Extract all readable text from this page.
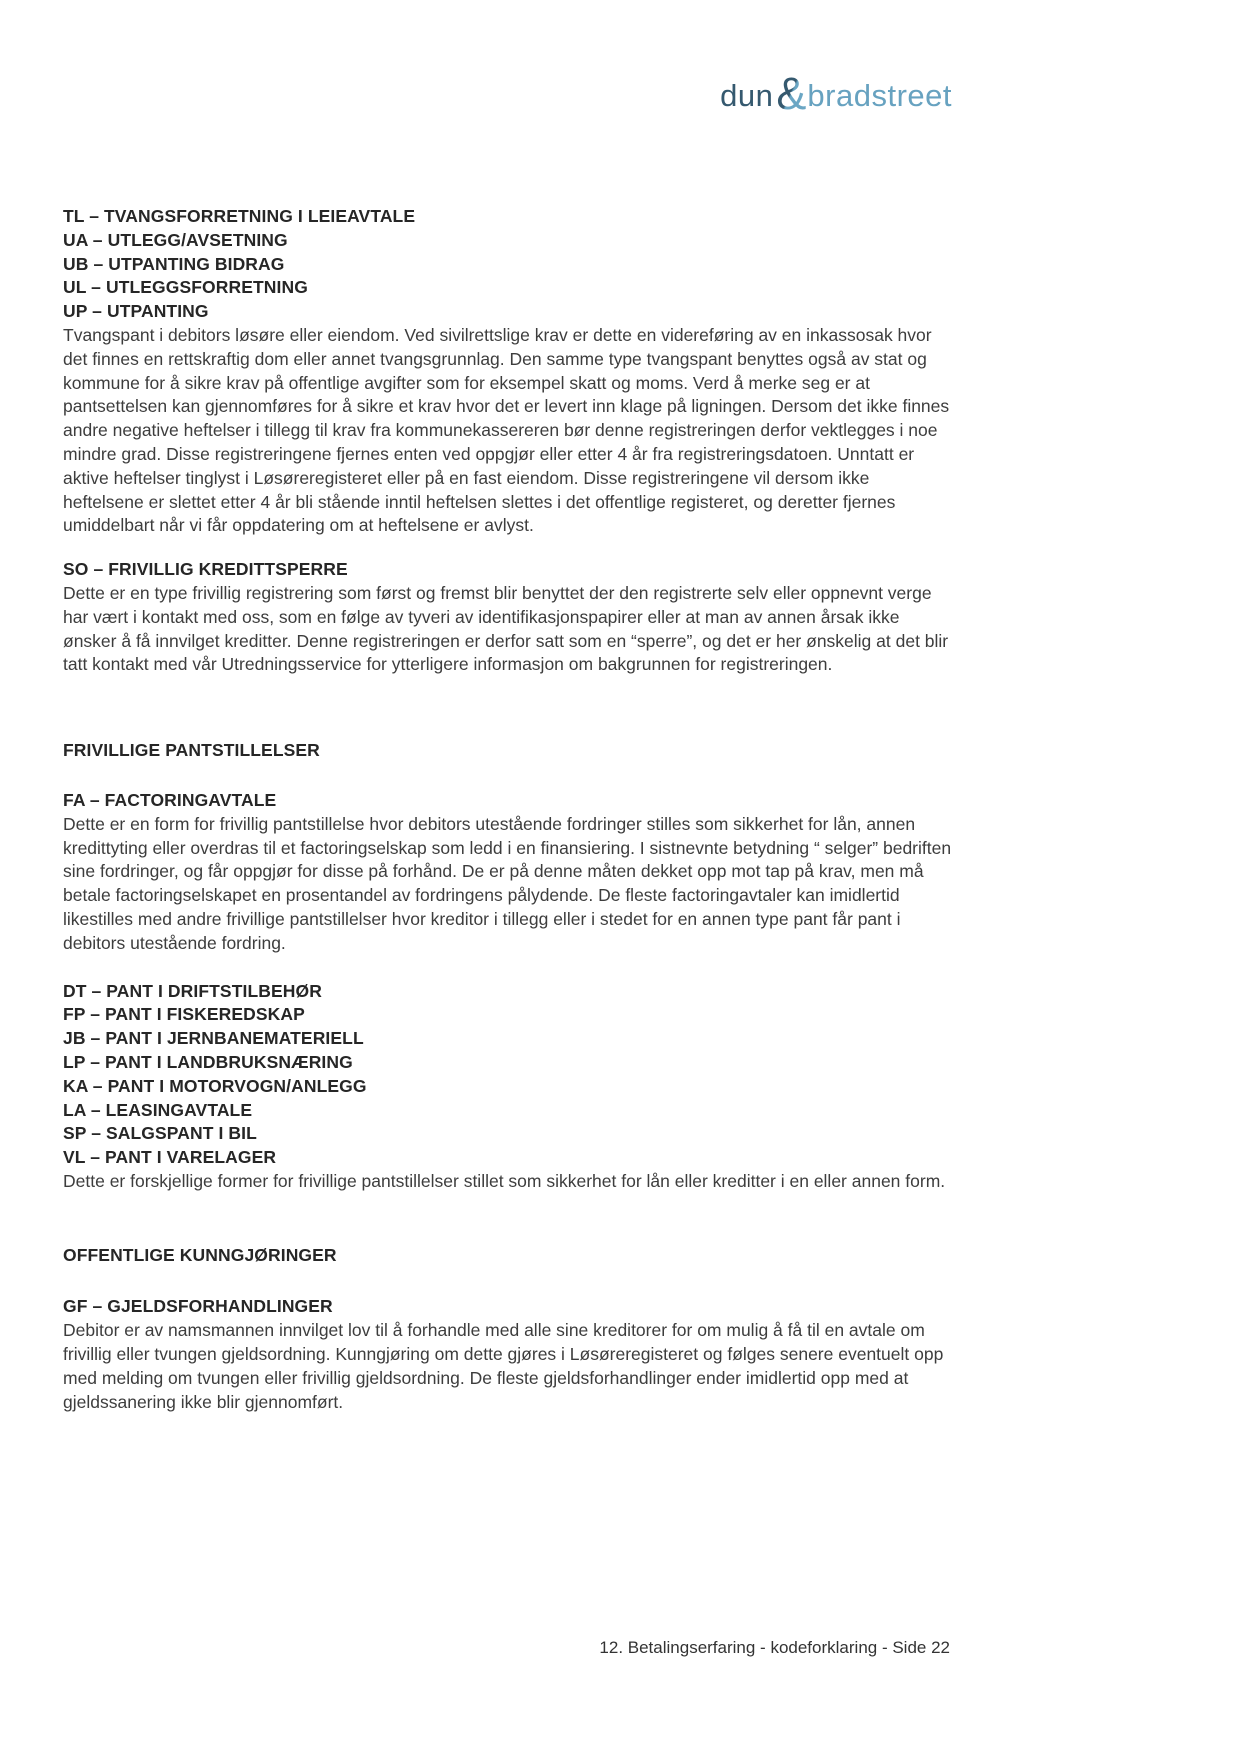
dun & bradstreet
TL – TVANGSFORRETNING I LEIEAVTALE
UA – UTLEGG/AVSETNING
UB – UTPANTING BIDRAG
UL – UTLEGGSFORRETNING
UP – UTPANTING
Tvangspant i debitors løsøre eller eiendom. Ved sivilrettslige krav er dette en videreføring av en inkassosak hvor det finnes en rettskraftig dom eller annet tvangsgrunnlag. Den samme type tvangspant benyttes også av stat og kommune for å sikre krav på offentlige avgifter som for eksempel skatt og moms. Verd å merke seg er at pantsettelsen kan gjennomføres for å sikre et krav hvor det er levert inn klage på ligningen. Dersom det ikke finnes andre negative heftelser i tillegg til krav fra kommunekassereren bør denne registreringen derfor vektlegges i noe mindre grad. Disse registreringene fjernes enten ved oppgjør eller etter 4 år fra registreringsdatoen. Unntatt er aktive heftelser tinglyst i Løsøreregisteret eller på en fast eiendom. Disse registreringene vil dersom ikke heftelsene er slettet etter 4 år bli stående inntil heftelsen slettes i det offentlige registeret, og deretter fjernes umiddelbart når vi får oppdatering om at heftelsene er avlyst.
SO – FRIVILLIG KREDITTSPERRE
Dette er en type frivillig registrering som først og fremst blir benyttet der den registrerte selv eller oppnevnt verge har vært i kontakt med oss, som en følge av tyveri av identifikasjonspapirer eller at man av annen årsak ikke ønsker å få innvilget kreditter. Denne registreringen er derfor satt som en “sperre”, og det er her ønskelig at det blir tatt kontakt med vår Utredningsservice for ytterligere informasjon om bakgrunnen for registreringen.
FRIVILLIGE PANTSTILLELSER
FA – FACTORINGAVTALE
Dette er en form for frivillig pantstillelse hvor debitors utestående fordringer stilles som sikkerhet for lån, annen kredittyting eller overdras til et factoringselskap som ledd i en finansiering. I sistnevnte betydning “ selger” bedriften sine fordringer, og får oppgjør for disse på forhånd. De er på denne måten dekket opp mot tap på krav, men må betale factoringselskapet en prosentandel av fordringens pålydende. De fleste factoringavtaler kan imidlertid likestilles med andre frivillige pantstillelser hvor kreditor i tillegg eller i stedet for en annen type pant får pant i debitors utestående fordring.
DT – PANT I DRIFTSTILBEHØR
FP – PANT I FISKEREDSKAP
JB – PANT I JERNBANEMATERIELL
LP – PANT I LANDBRUKSNÆRING
KA – PANT I MOTORVOGN/ANLEGG
LA – LEASINGAVTALE
SP – SALGSPANT I BIL
VL – PANT I VARELAGER
Dette er forskjellige former for frivillige pantstillelser stillet som sikkerhet for lån eller kreditter i en eller annen form.
OFFENTLIGE KUNNGJØRINGER
GF – GJELDSFORHANDLINGER
Debitor er av namsmannen innvilget lov til å forhandle med alle sine kreditorer for om mulig å få til en avtale om frivillig eller tvungen gjeldsordning. Kunngjøring om dette gjøres i Løsøreregisteret og følges senere eventuelt opp med melding om tvungen eller frivillig gjeldsordning. De fleste gjeldsforhandlinger ender imidlertid opp med at gjeldssanering ikke blir gjennomført.
12. Betalingserfaring - kodeforklaring - Side 22
